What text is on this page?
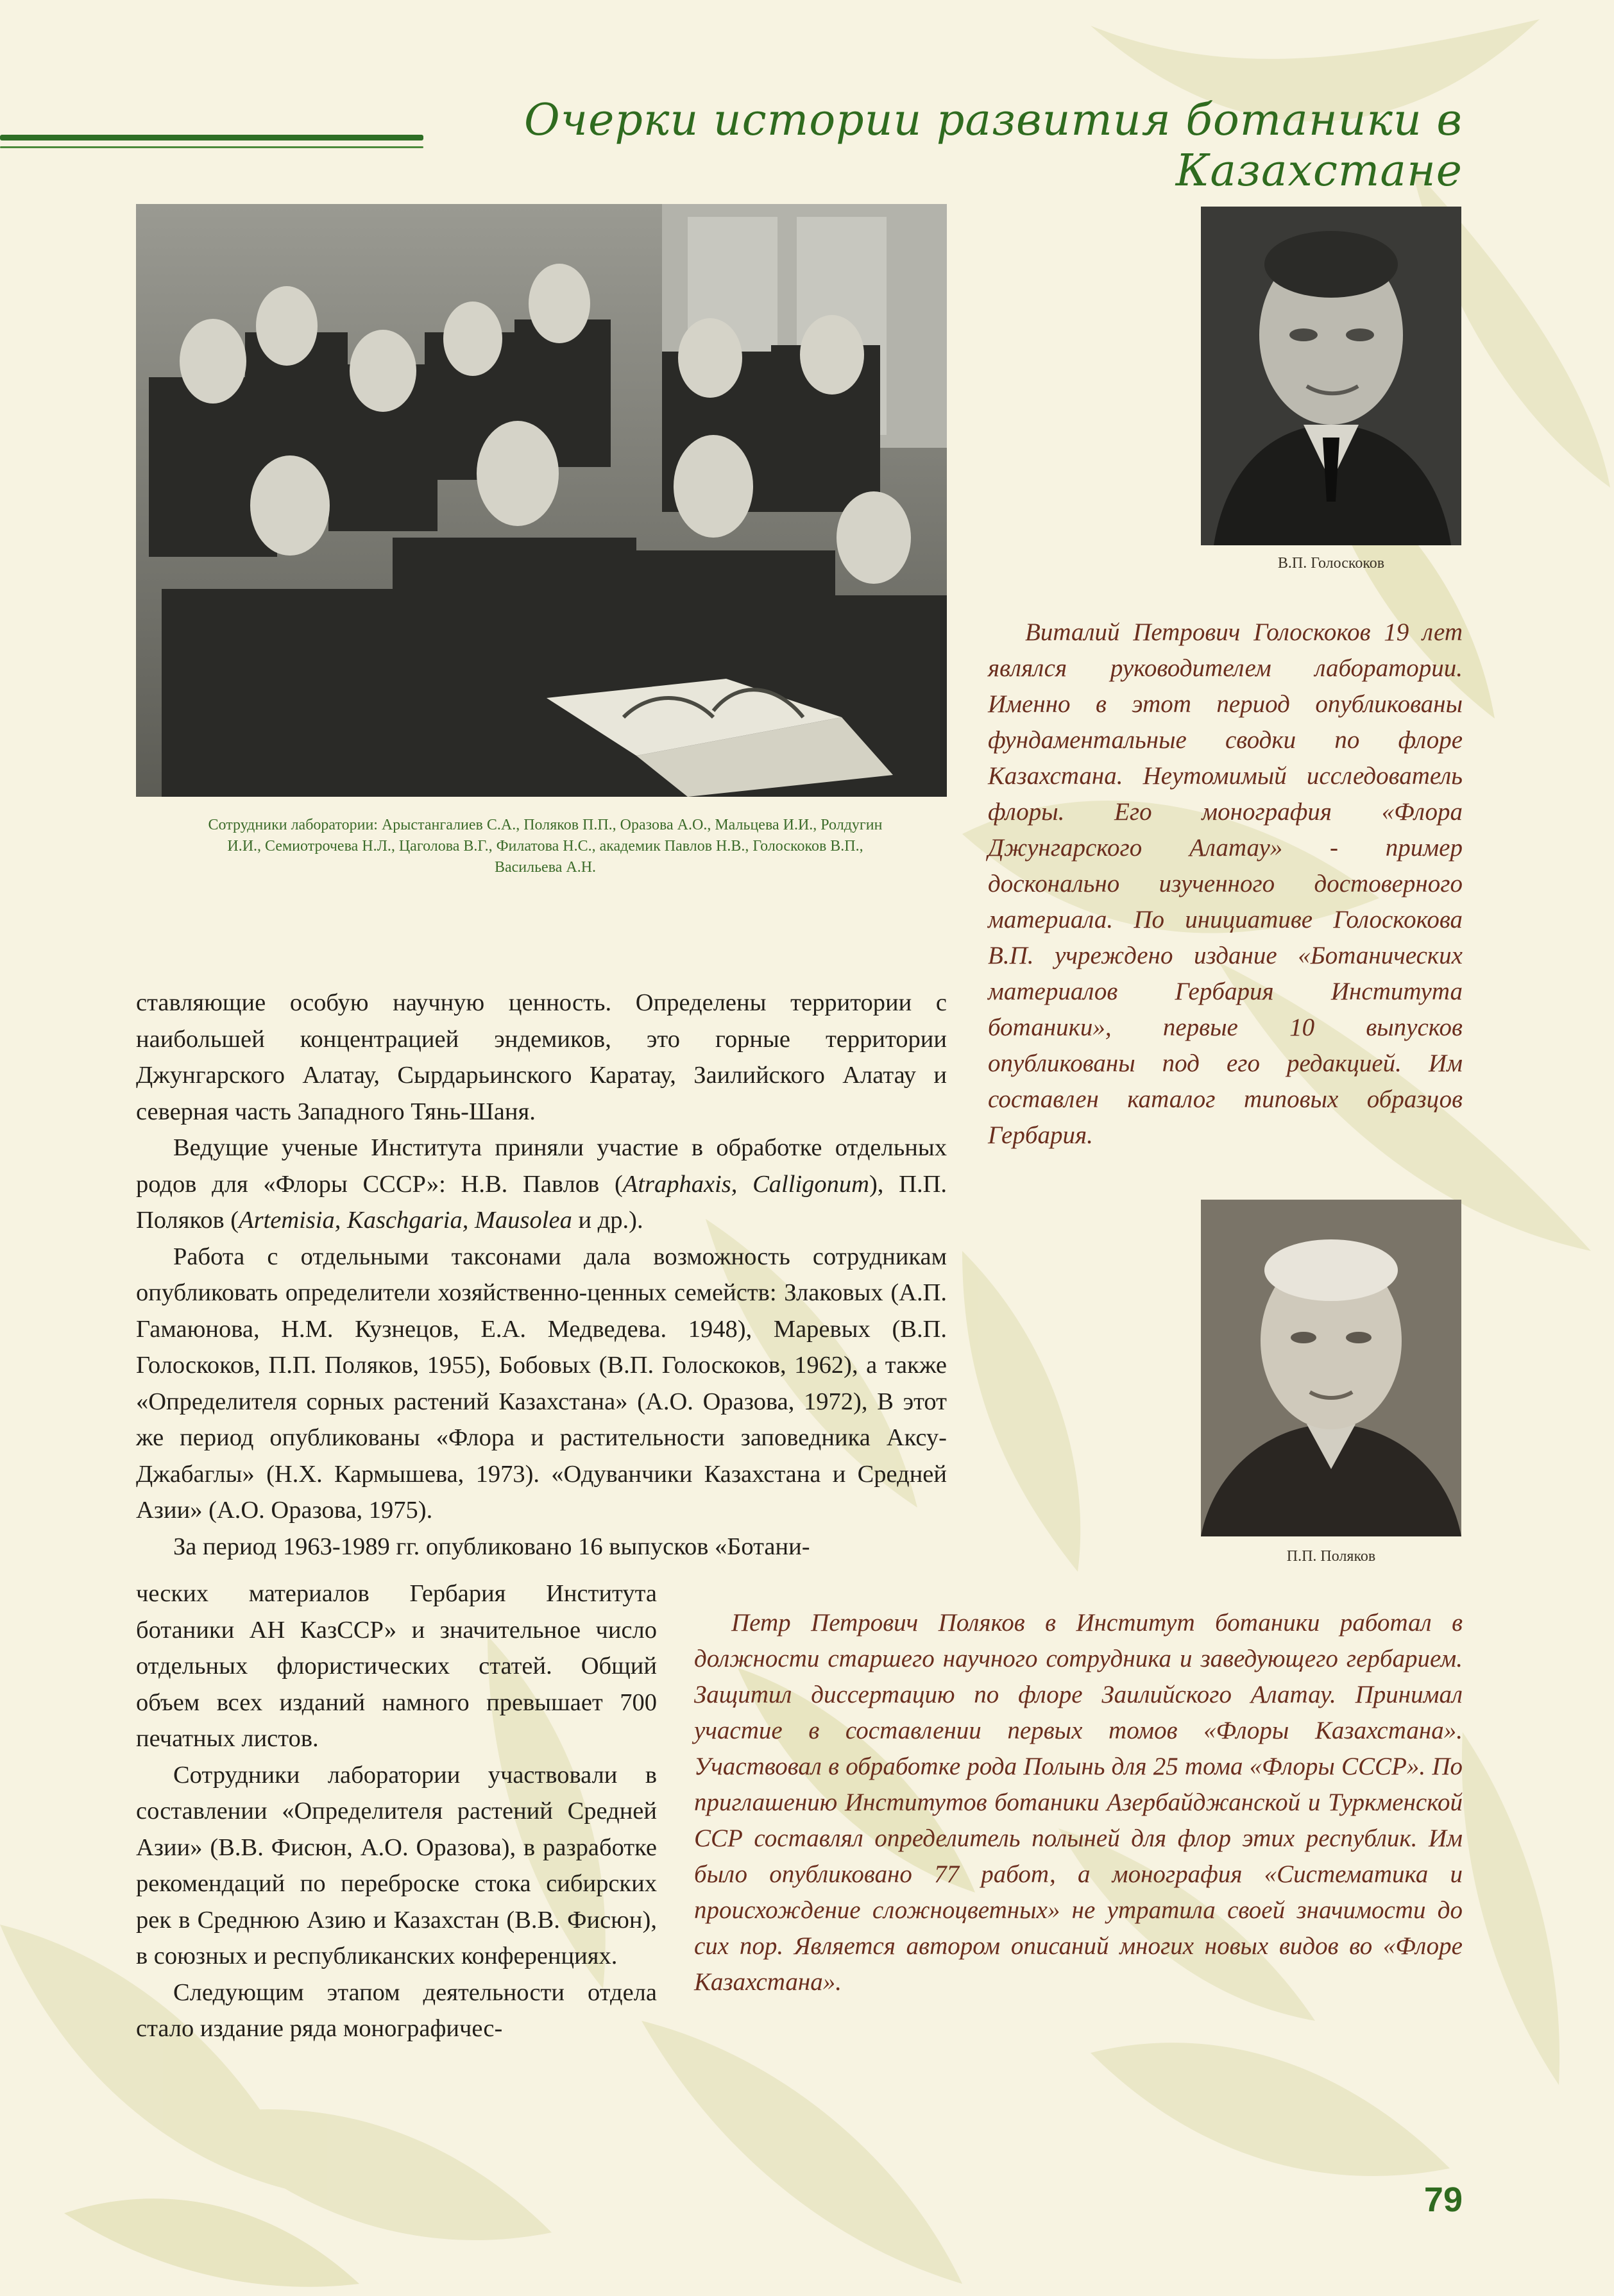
Очерки истории развития ботаники в Казахстане
Сотрудники лаборатории: Арыстангалиев С.А., Поляков П.П., Оразова А.О., Мальцева И.И., Ролдугин И.И., Семиотрочева Н.Л., Цаголова В.Г., Филатова Н.С., академик Павлов Н.В., Голоскоков В.П., Васильева А.Н.
В.П. Голоскоков

Виталий Петрович Голоскоков 19 лет являлся руководителем лаборатории. Именно в этот период опубликованы фундаментальные сводки по флоре Казахстана. Неутомимый исследователь флоры. Его монография «Флора Джунгарского Алатау» - пример досконально изученного достоверного материала. По инициативе Голоскокова В.П. учреждено издание «Ботанических материалов Гербария Института ботаники», первые 10 выпусков опубликованы под его редакцией. Им составлен каталог типовых образцов Гербария.

ставляющие особую научную ценность. Определены территории с наибольшей концентрацией эндемиков, это горные территории Джунгарского Алатау, Сырдарьинского Каратау, Заилийского Алатау и северная часть Западного Тянь-Шаня.

Ведущие ученые Института приняли участие в обработке отдельных родов для «Флоры СССР»: Н.В. Павлов (Atraphaxis, Calligonum), П.П. Поляков (Artemisia, Kaschgaria, Mausolea и др.).

Работа с отдельными таксонами дала возможность сотрудникам опубликовать определители хозяйственно-ценных семейств: Злаковых (А.П. Гамаюнова, Н.М. Кузнецов, Е.А. Медведева. 1948), Маревых (В.П. Голоскоков, П.П. Поляков, 1955), Бобовых (В.П. Голоскоков, 1962), а также «Определителя сорных растений Казахстана» (А.О. Оразова, 1972), В этот же период опубликованы «Флора и растительности заповедника Аксу-Джабаглы» (Н.Х. Кармышева, 1973). «Одуванчики Казахстана и Средней Азии» (А.О. Оразова, 1975).

За период 1963-1989 гг. опубликовано 16 выпусков «Ботани-

ческих материалов Гербария Института ботаники АН КазССР» и значительное число отдельных флористических статей. Общий объем всех изданий намного превышает 700 печатных листов.

Сотрудники лаборатории участвовали в составлении «Определителя растений Средней Азии» (В.В. Фисюн, А.О. Оразова), в разработке рекомендаций по переброске стока сибирских рек в Среднюю Азию и Казахстан (В.В. Фисюн), в союзных и республиканских конференциях.

Следующим этапом деятельности отдела стало издание ряда монографичес-

П.П. Поляков

Петр Петрович Поляков в Институт ботаники работал в должности старшего научного сотрудника и заведующего гербарием. Защитил диссертацию по флоре Заилийского Алатау. Принимал участие в составлении первых томов «Флоры Казахстана». Участвовал в обработке рода Полынь для 25 тома «Флоры СССР». По приглашению Институтов ботаники Азербайджанской и Туркменской ССР составлял определитель полыней для флор этих республик. Им было опубликовано 77 работ, а монография «Систематика и происхождение сложноцветных» не утратила своей значимости до сих пор. Является автором описаний многих новых видов во «Флоре Казахстана».

79
